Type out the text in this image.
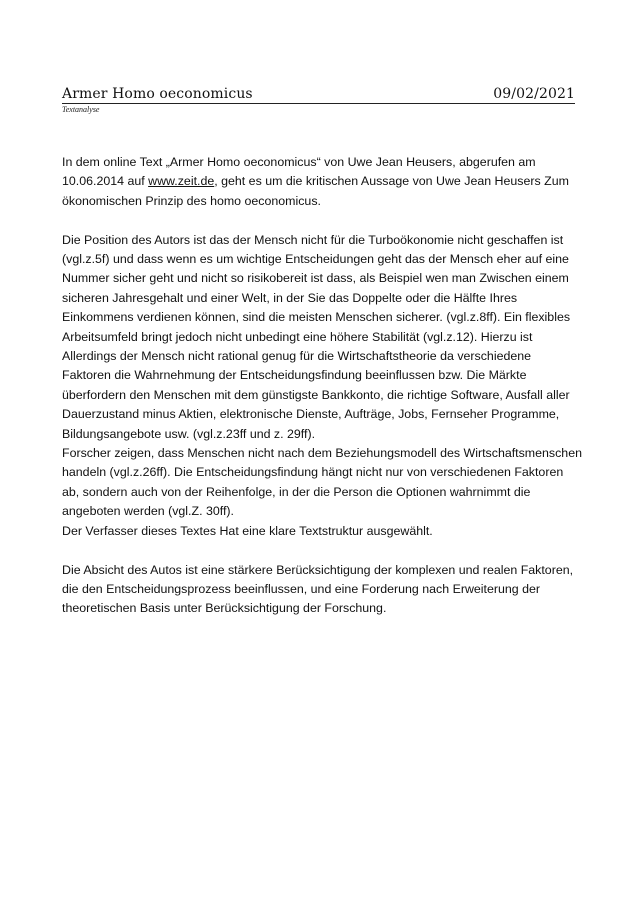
Armer Homo oeconomicus	09/02/2021
Textanalyse

In dem online Text „Armer Homo oeconomicus“ von Uwe Jean Heusers, abgerufen am 10.06.2014 auf www.zeit.de, geht es um die kritischen Aussage von Uwe Jean Heusers Zum ökonomischen Prinzip des homo oeconomicus.

Die Position des Autors ist das der Mensch nicht für die Turboökonomie nicht geschaffen ist (vgl.z.5f) und dass wenn es um wichtige Entscheidungen geht das der Mensch eher auf eine Nummer sicher geht und nicht so risikobereit ist dass, als Beispiel wen man Zwischen einem sicheren Jahresgehalt und einer Welt, in der Sie das Doppelte oder die Hälfte Ihres Einkommens verdienen können, sind die meisten Menschen sicherer. (vgl.z.8ff). Ein flexibles Arbeitsumfeld bringt jedoch nicht unbedingt eine höhere Stabilität (vgl.z.12). Hierzu ist Allerdings der Mensch nicht rational genug für die Wirtschaftstheorie da verschiedene Faktoren die Wahrnehmung der Entscheidungsfindung beeinflussen bzw. Die Märkte überfordern den Menschen mit dem günstigste Bankkonto, die richtige Software, Ausfall aller Dauerzustand minus Aktien, elektronische Dienste, Aufträge, Jobs, Fernseher Programme, Bildungsangebote usw. (vgl.z.23ff und z. 29ff).

Forscher zeigen, dass Menschen nicht nach dem Beziehungsmodell des Wirtschaftsmenschen handeln (vgl.z.26ff). Die Entscheidungsfindung hängt nicht nur von verschiedenen Faktoren ab, sondern auch von der Reihenfolge, in der die Person die Optionen wahrnimmt die angeboten werden (vgl.Z. 30ff).

Der Verfasser dieses Textes Hat eine klare Textstruktur ausgewählt.

Die Absicht des Autos ist eine stärkere Berücksichtigung der komplexen und realen Faktoren, die den Entscheidungsprozess beeinflussen, und eine Forderung nach Erweiterung der theoretischen Basis unter Berücksichtigung der Forschung.
